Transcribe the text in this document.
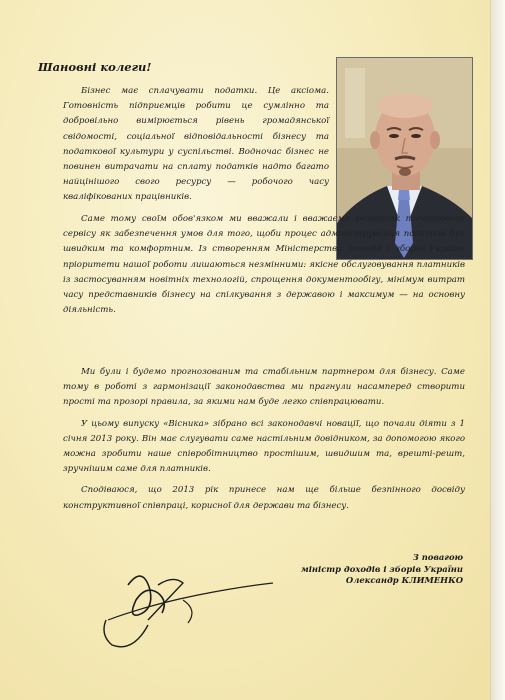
Шановні колеги!

Бізнес має сплачувати податки. Це аксіома. Готовність підприємців робити це сумлінно та добровільно вимірюється рівень громадянської свідомості, соціальної відповідальності бізнесу та податкової культури у суспільстві. Водночас бізнес не повинен витрачати на сплату податків надто багато найцінішого свого ресурсу — робочого часу кваліфікованих працівників.

Саме тому своїм обов'язком ми вважали і вважаємо розвиток податкового сервісу як забезпечення умов для того, щоби процес адміністрування податків був швидким та комфортним. Із створенням Міністерства доходів і зборів України пріоритети нашої роботи лишаються незмінними: якісне обслуговування платників із застосуванням новітніх технологій, спрощення документообігу, мінімум витрат часу представників бізнесу на спілкування з державою і максимум — на основну діяльність.

Ми були і будемо прогнозованим та стабільним партнером для бізнесу. Саме тому в роботі з гармонізації законодавства ми прагнули насамперед створити прості та прозорі правила, за якими нам буде легко співпрацювати.

У цьому випуску «Вісника» зібрано всі законодавчі новації, що почали діяти з 1 січня 2013 року. Він має слугувати саме настільним довідником, за допомогою якого можна зробити наше співробітництво простішим, швидшим та, врешті-решт, зручнішим саме для платників.

Сподіваюся, що 2013 рік принесе нам ще більше безпінного досвіду конструктивної співпраці, корисної для держави та бізнесу.

З повагою
міністр доходів і зборів України
Олександр КЛИМЕНКО
